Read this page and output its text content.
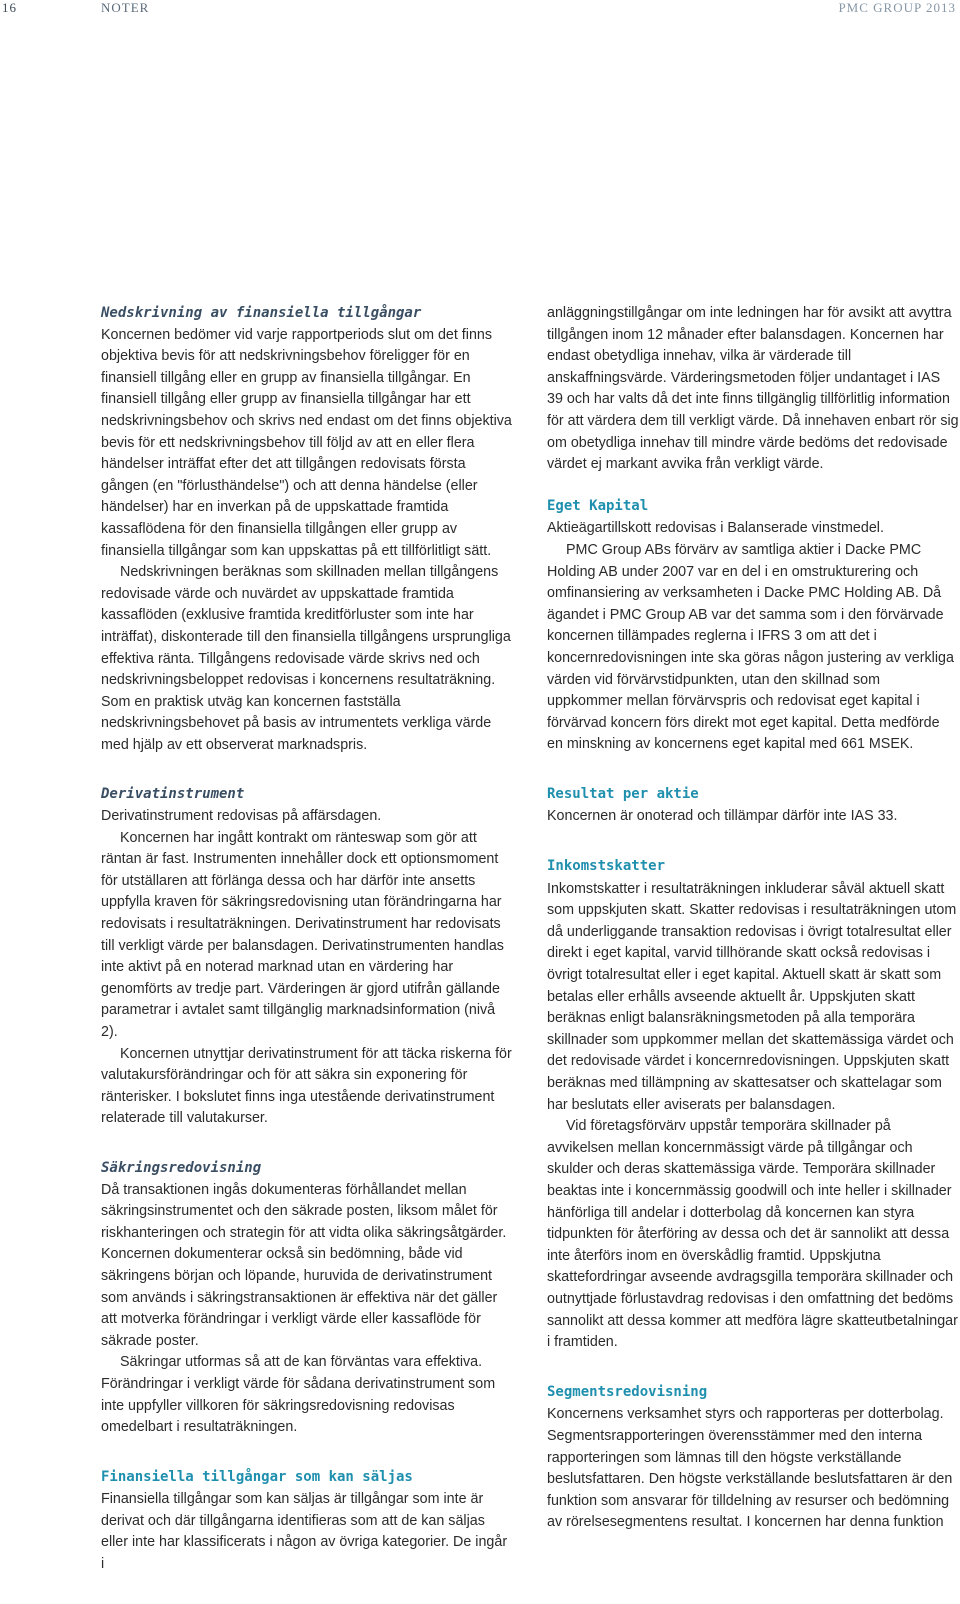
16	NOTER	PMC GROUP 2013
Nedskrivning av finansiella tillgångar

Koncernen bedömer vid varje rapportperiods slut om det finns objektiva bevis för att nedskrivningsbehov föreligger för en finansiell tillgång eller en grupp av finansiella tillgångar. En finansiell tillgång eller grupp av finansiella tillgångar har ett nedskrivningsbehov och skrivs ned endast om det finns objektiva bevis för ett nedskrivningsbehov till följd av att en eller flera händelser inträffat efter det att tillgången redovisats första gången (en "förlusthändelse") och att denna händelse (eller händelser) har en inverkan på de uppskattade framtida kassaflödena för den finansiella tillgången eller grupp av finansiella tillgångar som kan uppskattas på ett tillförlitligt sätt.

Nedskrivningen beräknas som skillnaden mellan tillgångens redovisade värde och nuvärdet av uppskattade framtida kassaflöden (exklusive framtida kreditförluster som inte har inträffat), diskonterade till den finansiella tillgångens ursprungliga effektiva ränta. Tillgångens redovisade värde skrivs ned och nedskrivningsbeloppet redovisas i koncernens resultaträkning. Som en praktisk utväg kan koncernen fastställa nedskrivningsbehovet på basis av intrumentets verkliga värde med hjälp av ett observerat marknadspris.

Derivatinstrument

Derivatinstrument redovisas på affärsdagen.

Koncernen har ingått kontrakt om ränteswap som gör att räntan är fast. Instrumenten innehåller dock ett optionsmoment för utställaren att förlänga dessa och har därför inte ansetts uppfylla kraven för säkringsredovisning utan förändringarna har redovisats i resultaträkningen. Derivatinstrument har redovisats till verkligt värde per balansdagen. Derivatinstrumenten handlas inte aktivt på en noterad marknad utan en värdering har genomförts av tredje part. Värderingen är gjord utifrån gällande parametrar i avtalet samt tillgänglig marknadsinformation (nivå 2).

Koncernen utnyttjar derivatinstrument för att täcka riskerna för valutakursförändringar och för att säkra sin exponering för ränterisker. I bokslutet finns inga utestående derivatinstrument relaterade till valutakurser.

Säkringsredovisning

Då transaktionen ingås dokumenteras förhållandet mellan säkringsinstrumentet och den säkrade posten, liksom målet för riskhanteringen och strategin för att vidta olika säkringsåtgärder. Koncernen dokumenterar också sin bedömning, både vid säkringens början och löpande, huruvida de derivatinstrument som används i säkringstransaktionen är effektiva när det gäller att motverka förändringar i verkligt värde eller kassaflöde för säkrade poster.

Säkringar utformas så att de kan förväntas vara effektiva. Förändringar i verkligt värde för sådana derivatinstrument som inte uppfyller villkoren för säkringsredovisning redovisas omedelbart i resultaträkningen.

Finansiella tillgångar som kan säljas

Finansiella tillgångar som kan säljas är tillgångar som inte är derivat och där tillgångarna identifieras som att de kan säljas eller inte har klassificerats i någon av övriga kategorier. De ingår i

anläggningstillgångar om inte ledningen har för avsikt att avyttra tillgången inom 12 månader efter balansdagen. Koncernen har endast obetydliga innehav, vilka är värderade till anskaffningsvärde. Värderingsmetoden följer undantaget i IAS 39 och har valts då det inte finns tillgänglig tillförlitlig information för att värdera dem till verkligt värde. Då innehaven enbart rör sig om obetydliga innehav till mindre värde bedöms det redovisade värdet ej markant avvika från verkligt värde.

Eget Kapital

Aktieägartillskott redovisas i Balanserade vinstmedel.

PMC Group ABs förvärv av samtliga aktier i Dacke PMC Holding AB under 2007 var en del i en omstrukturering och omfinansiering av verksamheten i Dacke PMC Holding AB. Då ägandet i PMC Group AB var det samma som i den förvärvade koncernen tillämpades reglerna i IFRS 3 om att det i koncernredovisningen inte ska göras någon justering av verkliga värden vid förvärvstidpunkten, utan den skillnad som uppkommer mellan förvärvspris och redovisat eget kapital i förvärvad koncern förs direkt mot eget kapital. Detta medförde en minskning av koncernens eget kapital med 661 MSEK.

Resultat per aktie

Koncernen är onoterad och tillämpar därför inte IAS 33.

Inkomstskatter

Inkomstskatter i resultaträkningen inkluderar såväl aktuell skatt som uppskjuten skatt. Skatter redovisas i resultaträkningen utom då underliggande transaktion redovisas i övrigt totalresultat eller direkt i eget kapital, varvid tillhörande skatt också redovisas i övrigt totalresultat eller i eget kapital. Aktuell skatt är skatt som betalas eller erhålls avseende aktuellt år. Uppskjuten skatt beräknas enligt balansräkningsmetoden på alla temporära skillnader som uppkommer mellan det skattemässiga värdet och det redovisade värdet i koncernredovisningen. Uppskjuten skatt beräknas med tillämpning av skattesatser och skattelagar som har beslutats eller aviserats per balansdagen.

Vid företagsförvärv uppstår temporära skillnader på avvikelsen mellan koncernmässigt värde på tillgångar och skulder och deras skattemässiga värde. Temporära skillnader beaktas inte i koncernmässig goodwill och inte heller i skillnader hänförliga till andelar i dotterbolag då koncernen kan styra tidpunkten för återföring av dessa och det är sannolikt att dessa inte återförs inom en överskådlig framtid. Uppskjutna skattefordringar avseende avdragsgilla temporära skillnader och outnyttjade förlustavdrag redovisas i den omfattning det bedöms sannolikt att dessa kommer att medföra lägre skatteutbetalningar i framtiden.

Segmentsredovisning

Koncernens verksamhet styrs och rapporteras per dotterbolag. Segmentsrapporteringen överensstämmer med den interna rapporteringen som lämnas till den högste verkställande beslutsfattaren. Den högste verkställande beslutsfattaren är den funktion som ansvarar för tilldelning av resurser och bedömning av rörelsesegmentens resultat. I koncernen har denna funktion
